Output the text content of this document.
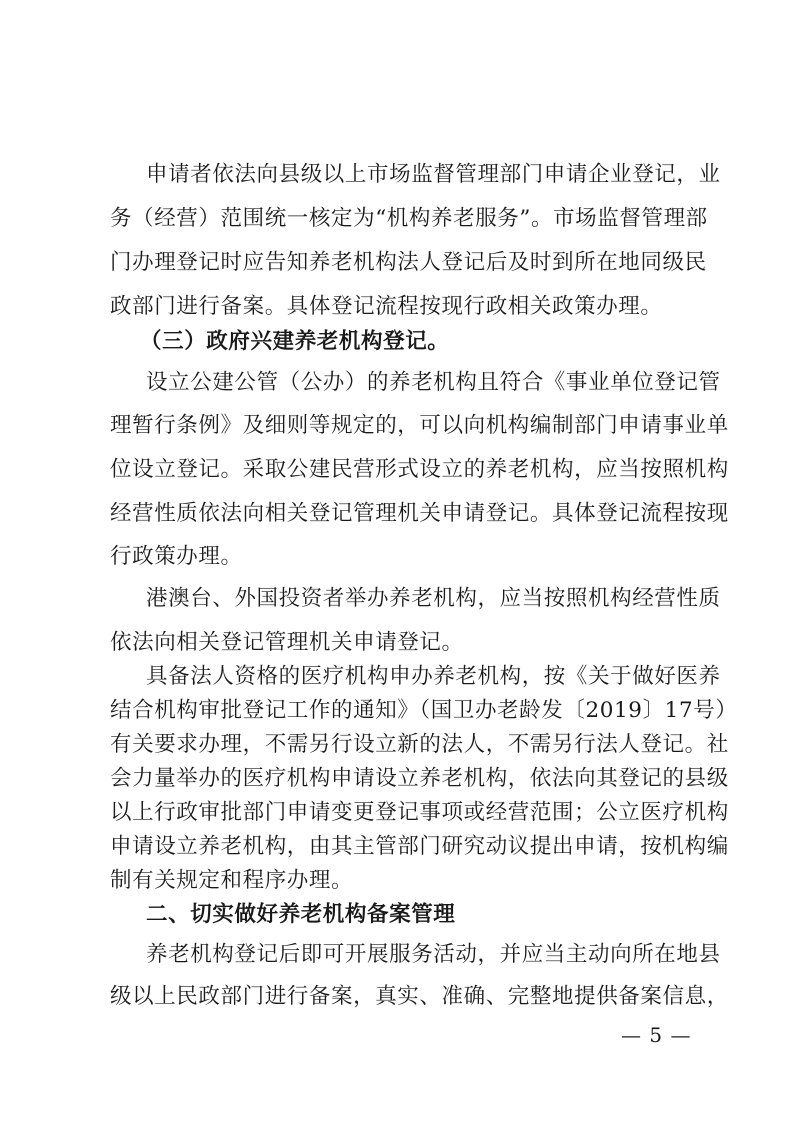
申请者依法向县级以上市场监督管理部门申请企业登记，业
务（经营）范围统一核定为“机构养老服务”。市场监督管理部
门办理登记时应告知养老机构法人登记后及时到所在地同级民
政部门进行备案。具体登记流程按现行政相关政策办理。
（三）政府兴建养老机构登记。
设立公建公管（公办）的养老机构且符合《事业单位登记管
理暂行条例》及细则等规定的，可以向机构编制部门申请事业单
位设立登记。采取公建民营形式设立的养老机构，应当按照机构
经营性质依法向相关登记管理机关申请登记。具体登记流程按现
行政策办理。
港澳台、外国投资者举办养老机构，应当按照机构经营性质
依法向相关登记管理机关申请登记。
具备法人资格的医疗机构申办养老机构，按《关于做好医养
结合机构审批登记工作的通知》（国卫办老龄发〔2019〕17号）
有关要求办理，不需另行设立新的法人，不需另行法人登记。社
会力量举办的医疗机构申请设立养老机构，依法向其登记的县级
以上行政审批部门申请变更登记事项或经营范围；公立医疗机构
申请设立养老机构，由其主管部门研究动议提出申请，按机构编
制有关规定和程序办理。
二、切实做好养老机构备案管理
养老机构登记后即可开展服务活动，并应当主动向所在地县
级以上民政部门进行备案，真实、准确、完整地提供备案信息，
— 5 —
